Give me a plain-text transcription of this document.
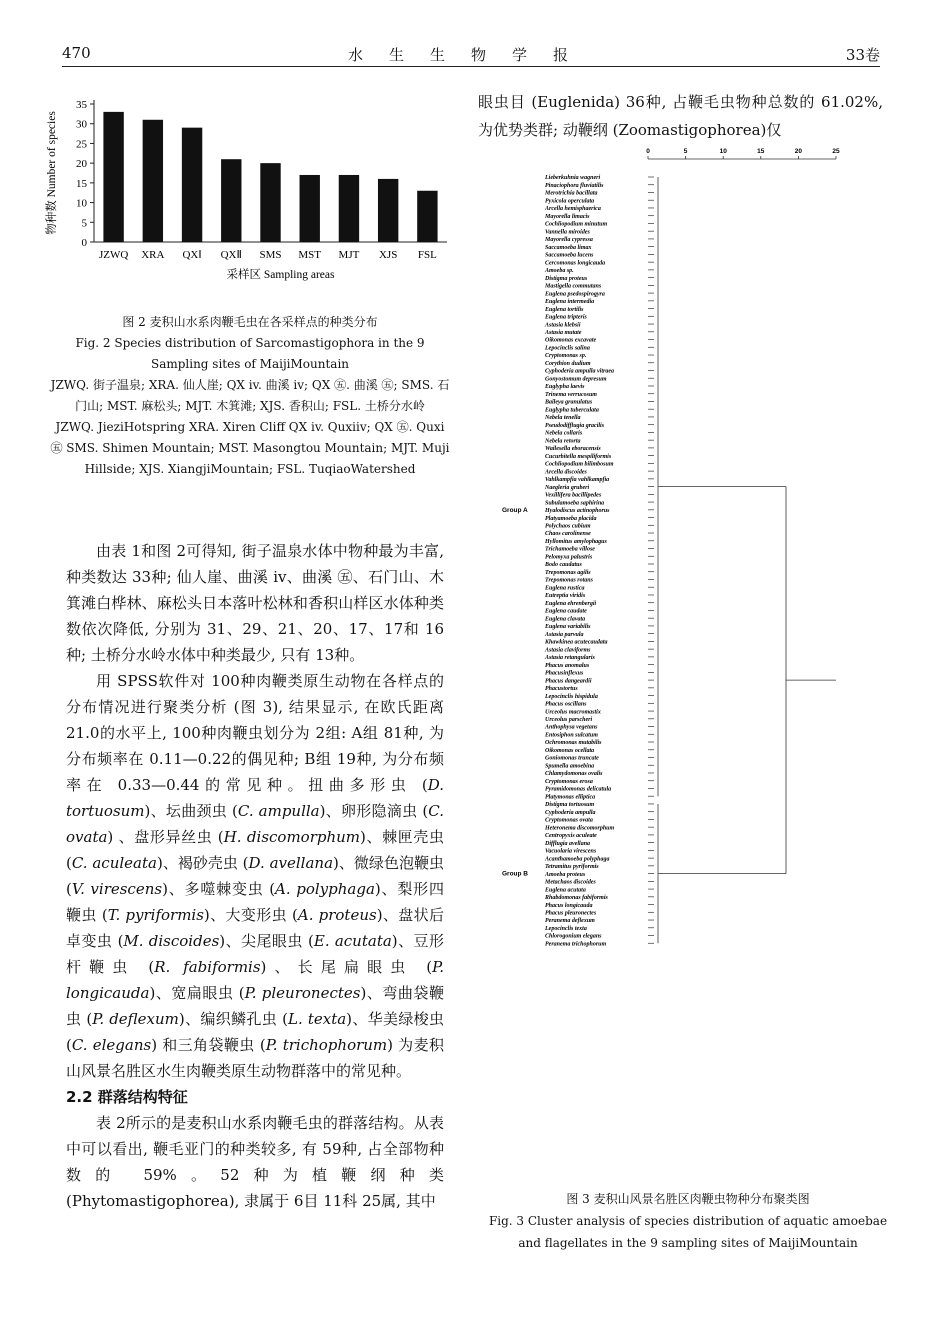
470	水生生物学报	33卷
0
5
10
15
20
25
30
35
JZWQ XRA QXⅠ QXⅡ SMS MST MJT XJS FSL
采样区 Sampling areas
物种数 Number of species

图 2 麦积山水系肉鞭毛虫在各采样点的种类分布

Fig. 2 Species distribution of Sarcomastigophora in the 9 Sampling sites of MaijiMountain

JZWQ. 街子温泉; XRA. 仙人崖; QX iv. 曲溪 iv; QX ㊄. 曲溪 ㊄; SMS. 石门山; MST. 麻松头; MJT. 木箕滩; XJS. 香积山; FSL. 土桥分水岭

JZWQ. JieziHotspring XRA. Xiren Cliff QX iv. Quxiiv; QX ㊄. Quxi ㊄ SMS. Shimen Mountain; MST. Masongtou Mountain; MJT. Muji Hillside; XJS. XiangjiMountain; FSL. TuqiaoWatershed

由表 1和图 2可得知, 街子温泉水体中物种最为丰富, 种类数达 33种; 仙人崖、曲溪 iv、曲溪 ㊄、石门山、木箕滩白桦林、麻松头日本落叶松林和香积山样区水体种类数依次降低, 分别为 31、29、21、20、17、17和 16种; 土桥分水岭水体中种类最少, 只有 13种。

用 SPSS软件对 100种肉鞭类原生动物在各样点的分布情况进行聚类分析 (图 3), 结果显示, 在欧氏距离 21.0的水平上, 100种肉鞭虫划分为 2组: A组 81种, 为分布频率在 0.11—0.22的偶见种; B组 19种, 为分布频率在 0.33—0.44的常见种。扭曲多形虫 (D. tortuosum)、坛曲颈虫 (C. ampulla)、卵形隐滴虫 (C. ovata) 、盘形异丝虫 (H. discomorphum)、棘匣壳虫 (C. aculeata)、褐砂壳虫 (D. avellana)、微绿色泡鞭虫 (V. virescens)、多噬棘变虫 (A. polyphaga)、梨形四鞭虫 (T. pyriformis)、大变形虫 (A. proteus)、盘状后卓变虫 (M. discoides)、尖尾眼虫 (E. acutata)、豆形杆鞭虫 (R. fabiformis)、长尾扁眼虫 (P. longicauda)、宽扁眼虫 (P. pleuronectes)、弯曲袋鞭虫 (P. deflexum)、编织鳞孔虫 (L. texta)、华美绿梭虫 (C. elegans) 和三角袋鞭虫 (P. trichophorum) 为麦积山风景名胜区水生肉鞭类原生动物群落中的常见种。

2.2 群落结构特征

表 2所示的是麦积山水系肉鞭毛虫的群落结构。从表中可以看出, 鞭毛亚门的种类较多, 有 59种, 占全部物种数的 59%。52种为植鞭纲种类 (Phytomastigophorea), 隶属于 6目 11科 25属, 其中

眼虫目 (Euglenida) 36种, 占鞭毛虫物种总数的 61.02%, 为优势类群; 动鞭纲 (Zoomastigophorea)仅

0	5	10	15	20	25
Lieberkuhnia wagneri
Pinaciophora fluviatilis
Merotrichia bacillata
Pyxicola operculata
Arcella hemisphaerica
Mayorella limacis
Cochliopodium minutum
Vannella miroides
Mayorella cypressa
Saccamoeba limax
Saccamoeba lucens
Cercomonas longicauda
Amoeba sp.
Distigma proteus
Mastigella commutans
Euglena psedospirogyra
Euglena intermedia
Euglena tortilis
Euglena tripteris
Astasia klebsii
Astasia mutate
Oikomonas excavate
Lepocinclis salina
Cryptomonas sp.
Corythion dudium
Cyphoderia ampulla vitraea
Gonyostomum depresum
Euglypha laevis
Trinema verrucosum
Baileya granulatus
Euglypha tuberculata
Nebela tenella
Pseudodifflugia gracilis
Nebela collaris
Nebela retorta
Wailesella eboracensis
Cucurbitella mespiliformis
Cochliopodium bilimbosum
Arcella discoides
Vahlkampfia vahlkampfia
Naegleria gruberi
Vexillifera bacillipedes
Subulamoeba saphirina
Hyalodiscus actinophorus
Platyamoeba placida
Polychaos cubium
Chaos carolinense
Hyllomitus amylophagus
Trichamoeba villose
Pelomyxa palustris
Bodo caudatus
Trepomonas agilis
Trepomonas rotans
Euglena rustica
Eutreptia viridis
Euglena ehrenbergii
Euglena caudate
Euglena clavata
Euglena variabilis
Astasia parvula
Khawkinea acutecaudata
Astasia claviforms
Astasia retangularis
Phacus anomalus
Phacusinflexus
Phacus dangeardii
Phacustortus
Lepocinclis hispidula
Phacus oscillans
Urceolus macromastix
Urceolus parscheri
Anthophysa vegetans
Entosiphon sulcatum
Ochromonas mutabilis
Oikomonas ocellata
Goniomonas truncate
Spumella amoebina
Chlamydomonas ovalis
Cryptomonas erosa
Pyramidomonas delicatula
Platymonas elliptica
Distigma tortuosum
Cyphoderia ampulla
Cryptomonas ovata
Heteronema discomorphum
Centropyxis aculeate
Difflugia avellana
Vacuolaria virescens
Acanthamoeba polyphaga
Tetramitus pyriformis
Amoeba proteus
Metachaos discoides
Euglena acutata
Rhabdomonas fabiformis
Phacus longicauda
Phacus pleuronectes
Peranema deflexum
Lepocinclis texta
Chlorogonium elegans
Peranema trichophorum
Group A
Group B

图 3 麦积山风景名胜区肉鞭虫物种分布聚类图

Fig. 3 Cluster analysis of species distribution of aquatic amoebae and flagellates in the 9 sampling sites of MaijiMountain
